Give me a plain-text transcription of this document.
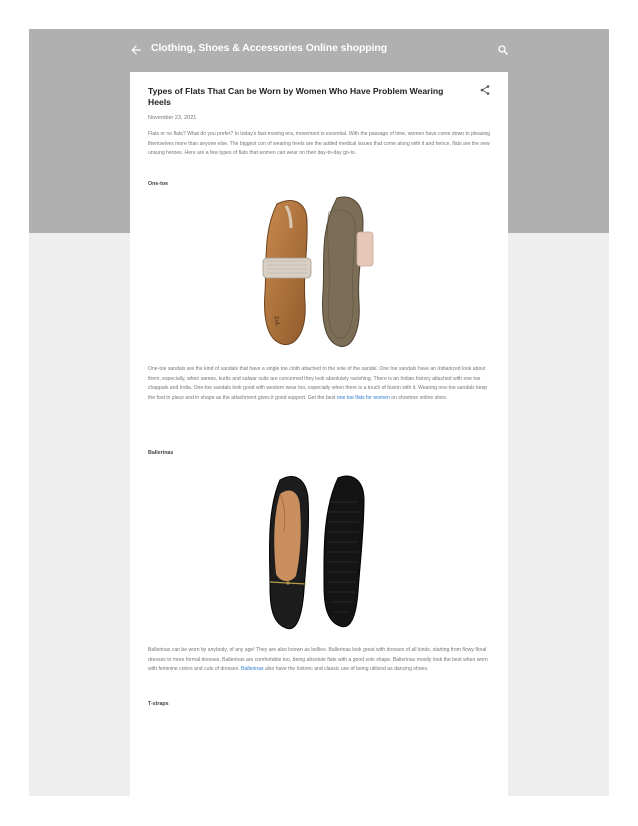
Clothing, Shoes & Accessories Online shopping
Types of Flats That Can be Worn by Women Who Have Problem Wearing Heels
November 23, 2021

Flats or no flats? What do you prefer? In today's fast-moving era, movement is essential. With the passage of time, women have come down to pleasing themselves more than anyone else. The biggest con of wearing heels are the added medical issues that come along with it and hence, flats are the new unsung heroes. Here are a few types of flats that women can wear on their day-to-day go-to.

One-toe
ZoL

One-toe sandals are the kind of sandals that have a single toe cloth attached to the sole of the sandal. One toe sandals have an Indianized look about them, especially, when sarees, kurtis and salwar suits are concerned they look absolutely ravishing. There is an Indian history attached with one toe chappals and India. One-toe sandals look good with western wear too, especially when there is a touch of fusion with it. Wearing one-toe sandals keep the foot in place and in shape as the attachment gives it good support. Get the best one toe flats for women on shoetree online store.

Ballerinas

Ballerinas can be worn by anybody, of any age! They are also known as bellies. Ballerinas look great with dresses of all kinds, starting from flowy floral dresses to more formal dresses. Ballerinas are comfortable too, being absolute flats with a good sole shape. Ballerinas mostly look the best when worn with feminine colors and cuts of dresses. Ballerinas also have the historic and classic use of being utilized as dancing shoes.

T-straps
